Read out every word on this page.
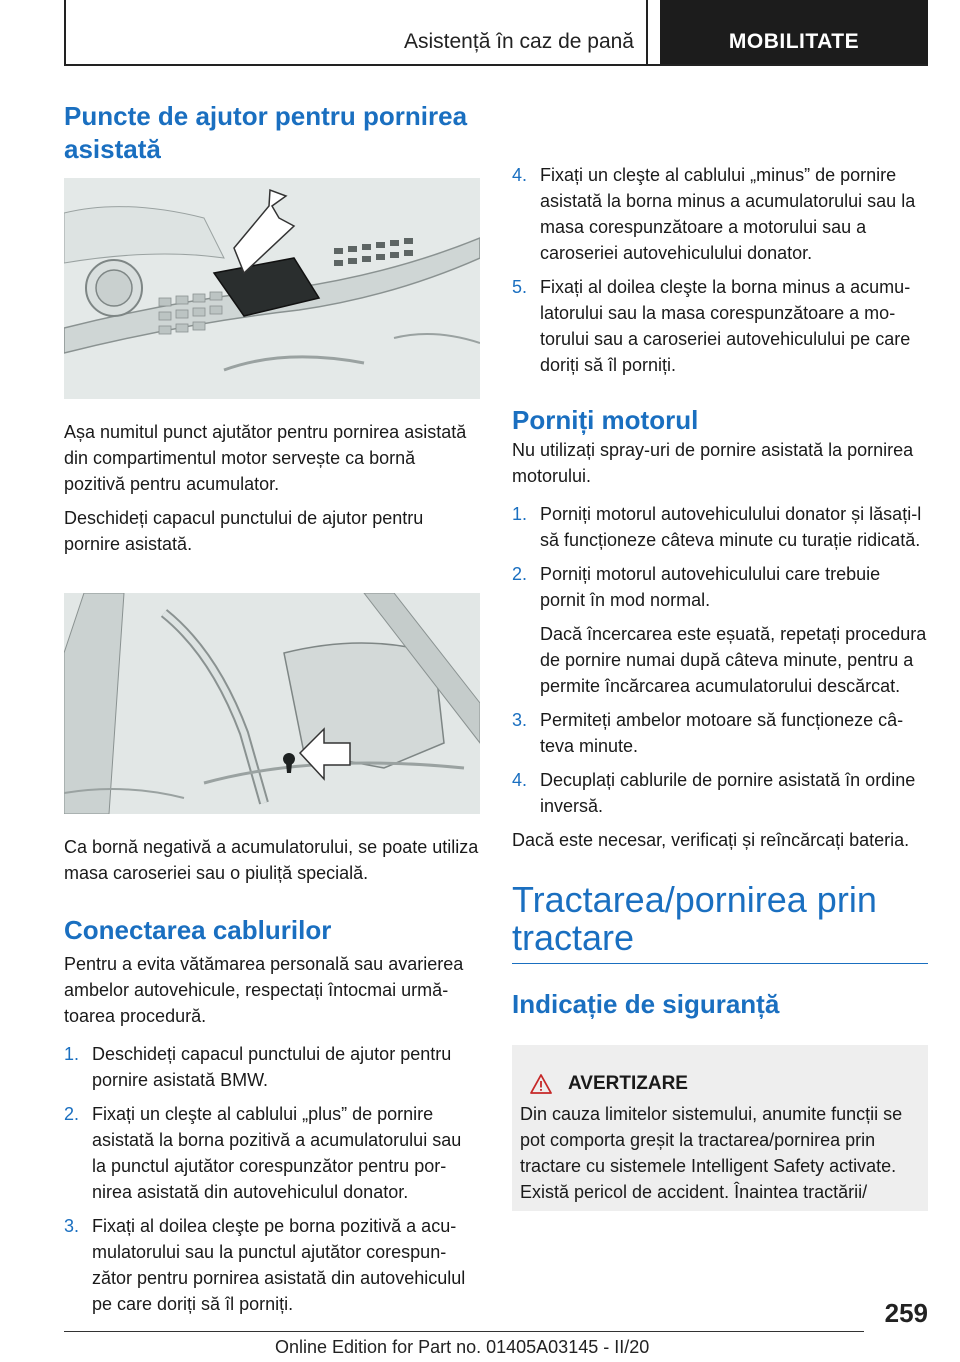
Asistență în caz de pană	MOBILITATE
Puncte de ajutor pentru pornirea asistată

Așa numitul punct ajutător pentru pornirea asistată din compartimentul motor servește ca bornă pozitivă pentru acumulator.

Deschideți capacul punctului de ajutor pentru pornire asistată.

Ca bornă negativă a acumulatorului, se poate utiliza masa caroseriei sau o piuliță specială.

Conectarea cablurilor

Pentru a evita vătămarea personală sau avarierea ambelor autovehicule, respectați întocmai următoarea procedură.

1. Deschideți capacul punctului de ajutor pentru pornire asistată BMW.
2. Fixați un cleşte al cablului „plus” de pornire asistată la borna pozitivă a acumulatorului sau la punctul ajutător corespunzător pentru pornirea asistată din autovehiculul donator.
3. Fixați al doilea cleşte pe borna pozitivă a acumulatorului sau la punctul ajutător corespunzător pentru pornirea asistată din autovehiculul pe care doriți să îl porniți.
4. Fixați un cleşte al cablului „minus” de pornire asistată la borna minus a acumulatorului sau la masa corespunzătoare a motorului sau a caroseriei autovehiculului donator.
5. Fixați al doilea cleşte la borna minus a acumulatorului sau la masa corespunzătoare a motorului sau a caroseriei autovehiculului pe care doriți să îl porniți.
Porniți motorul

Nu utilizați spray-uri de pornire asistată la pornirea motorului.

1. Porniți motorul autovehiculului donator și lăsați-l să funcționeze câteva minute cu turație ridicată.
2. Porniți motorul autovehiculului care trebuie pornit în mod normal.
Dacă încercarea este eșuată, repetați procedura de pornire numai după câteva minute, pentru a permite încărcarea acumulatorului descărcat.
3. Permiteți ambelor motoare să funcționeze câteva minute.
4. Decuplați cablurile de pornire asistată în ordine inversă.

Dacă este necesar, verificați și reîncărcați bateria.

Tractarea/pornirea prin tractare
Indicație de siguranță
AVERTIZARE

Din cauza limitelor sistemului, anumite funcții se pot comporta greșit la tractarea/pornirea prin tractare cu sistemele Intelligent Safety activate. Există pericol de accident. Înaintea tractării/

259
Online Edition for Part no. 01405A03145 - II/20
